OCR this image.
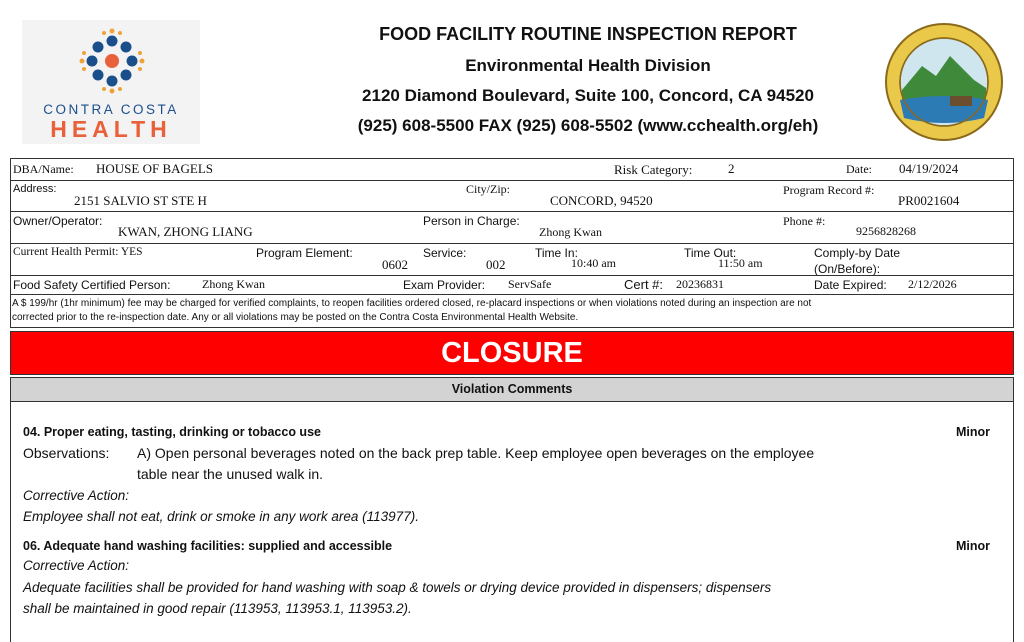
CONTRA COSTA
HEALTH
FOOD FACILITY ROUTINE INSPECTION REPORT
Environmental Health Division
2120 Diamond Boulevard, Suite 100, Concord, CA 94520
(925) 608-5500 FAX (925) 608-5502 (www.cchealth.org/eh)
DBA/Name: HOUSE OF BAGELS	Risk Category:	2	Date: 04/19/2024
Address:
2151 SALVIO ST STE H
City/Zip:
CONCORD, 94520
Program Record #:
PR0021604
Owner/Operator:
KWAN, ZHONG LIANG
Person in Charge:
Zhong Kwan
Phone #:
9256828268
Current Health Permit: YES	Program Element:
0602
Service:
002
Time In:
10:40 am
Time Out:
11:50 am
Comply-by Date
(On/Before):
Food Safety Certified Person:	Zhong Kwan	Exam Provider: ServSafe	Cert #: 20236831	Date Expired: 2/12/2026
A $ 199/hr (1hr minimum) fee may be charged for verified complaints, to reopen facilities ordered closed, re-placard inspections or when violations noted during an inspection are not
corrected prior to the re-inspection date. Any or all violations may be posted on the Contra Costa Environmental Health Website.
CLOSURE
Violation Comments
04. Proper eating, tasting, drinking or tobacco use	Minor
Observations: A) Open personal beverages noted on the back prep table. Keep employee open beverages on the employee
table near the unused walk in.
Corrective Action:
Employee shall not eat, drink or smoke in any work area (113977).
06. Adequate hand washing facilities: supplied and accessible	Minor
Corrective Action:
Adequate facilities shall be provided for hand washing with soap & towels or drying device provided in dispensers; dispensers
shall be maintained in good repair (113953, 113953.1, 113953.2).
